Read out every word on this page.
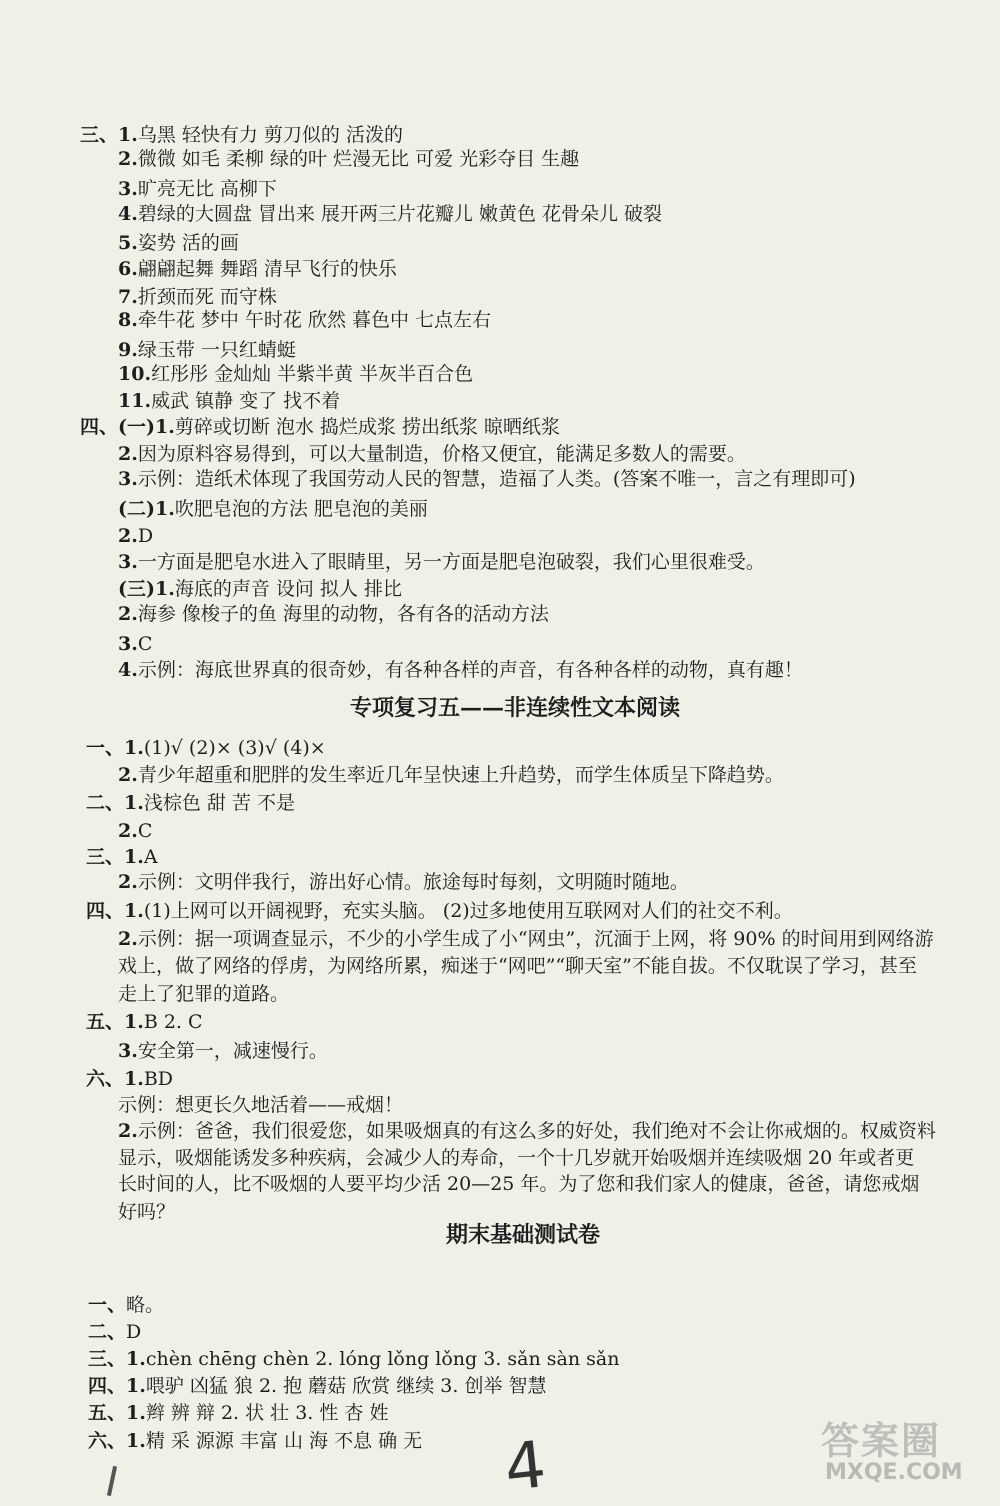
三、1.乌黑 轻快有力 剪刀似的 活泼的
2.微微 如毛 柔柳 绿的叶 烂漫无比 可爱 光彩夺目 生趣
3.旷亮无比 高柳下
4.碧绿的大圆盘 冒出来 展开两三片花瓣儿 嫩黄色 花骨朵儿 破裂
5.姿势 活的画
6.翩翩起舞 舞蹈 清早飞行的快乐
7.折颈而死 而守株
8.牵牛花 梦中 午时花 欣然 暮色中 七点左右
9.绿玉带 一只红蜻蜓
10.红彤彤 金灿灿 半紫半黄 半灰半百合色
11.威武 镇静 变了 找不着
四、(一)1.剪碎或切断 泡水 捣烂成浆 捞出纸浆 晾晒纸浆
2.因为原料容易得到，可以大量制造，价格又便宜，能满足多数人的需要。
3.示例：造纸术体现了我国劳动人民的智慧，造福了人类。(答案不唯一，言之有理即可)
(二)1.吹肥皂泡的方法 肥皂泡的美丽
2.D
3.一方面是肥皂水进入了眼睛里，另一方面是肥皂泡破裂，我们心里很难受。
(三)1.海底的声音 设问 拟人 排比
2.海参 像梭子的鱼 海里的动物，各有各的活动方法
3.C
4.示例：海底世界真的很奇妙，有各种各样的声音，有各种各样的动物，真有趣！
一、1.(1)√ (2)× (3)√ (4)×
2.青少年超重和肥胖的发生率近几年呈快速上升趋势，而学生体质呈下降趋势。
二、1.浅棕色 甜 苦 不是
2.C
三、1.A
2.示例：文明伴我行，游出好心情。旅途每时每刻，文明随时随地。
四、1.(1)上网可以开阔视野，充实头脑。 (2)过多地使用互联网对人们的社交不利。
2.示例：据一项调查显示，不少的小学生成了小“网虫”，沉湎于上网，将 90% 的时间用到网络游
戏上，做了网络的俘虏，为网络所累，痴迷于“网吧”“聊天室”不能自拔。不仅耽误了学习，甚至
走上了犯罪的道路。
五、1.B 2. C
3.安全第一，减速慢行。
六、1.BD
示例：想更长久地活着——戒烟！
2.示例：爸爸，我们很爱您，如果吸烟真的有这么多的好处，我们绝对不会让你戒烟的。权威资料
显示，吸烟能诱发多种疾病，会减少人的寿命，一个十几岁就开始吸烟并连续吸烟 20 年或者更
长时间的人，比不吸烟的人要平均少活 20—25 年。为了您和我们家人的健康，爸爸，请您戒烟
好吗？
一、略。
二、D
三、1.chèn chēng chèn 2. lóng lǒng lǒng 3. sǎn sàn sǎn
四、1.喂驴 凶猛 狼 2. 抱 蘑菇 欣赏 继续 3. 创举 智慧
五、1.辫 辨 辩 2. 状 壮 3. 性 杏 姓
六、1.精 采 源源 丰富 山 海 不息 确 无
专项复习五——非连续性文本阅读
期末基础测试卷
4	答案圈
MXQE.COM
